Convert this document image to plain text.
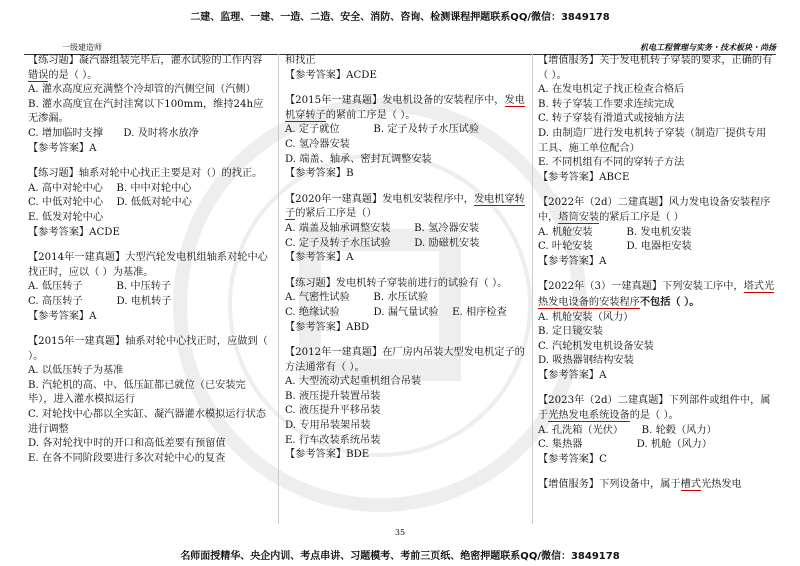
二建、监理、一建、一造、二造、安全、消防、咨询、检测课程押题联系QQ/微信：3849178
一级建造师	机电工程管理与实务・技术板块・尚扬

【练习题】凝汽器组装完毕后，灌水试验的工作内容错误的是（ ）。

A. 灌水高度应充满整个冷却管的汽侧空间（汽侧）

B. 灌水高度宜在汽封洼窝以下100mm，维持24h应无渗漏。

C. 增加临时支撑　　D. 及时将水放净

【参考答案】A

【练习题】轴系对轮中心找正主要是对（）的找正。

A. 高中对轮中心　 B. 中中对轮中心

C. 中低对轮中心　 D. 低低对轮中心

E. 低发对轮中心

【参考答案】ACDE

【2014年一建真题】大型汽轮发电机组轴系对轮中心找正时，应以（ ）为基准。

A. 低压转子　　　 B. 中压转子

C. 高压转子　　　 D. 电机转子

【参考答案】A

【2015年一建真题】轴系对轮中心找正时，应做到（ ）。

A. 以低压转子为基准

B. 汽轮机的高、中、低压缸都已就位（已安装完毕），进入灌水模拟运行

C. 对轮找中心都以全实缸、凝汽器灌水模拟运行状态进行调整

D. 各对轮找中时的开口和高低差要有预留值

E. 在各不同阶段要进行多次对轮中心的复查

和找正

【参考答案】ACDE

【2015年一建真题】发电机设备的安装程序中，发电机穿转子的紧前工序是（ ）。

A. 定子就位　　　 B. 定子及转子水压试验

C. 氢冷器安装

D. 端盖、轴承、密封瓦调整安装

【参考答案】B

【2020年一建真题】发电机安装程序中，发电机穿转子的紧后工序是（）

A. 端盖及轴承调整安装　　 B. 氢冷器安装

C. 定子及转子水压试验　　 D. 励磁机安装

【参考答案】A

【练习题】发电机转子穿装前进行的试验有（ ）。

A. 气密性试验　　 B. 水压试验

C. 绝缘试验　　　 D. 漏气量试验　 E. 相序检查

【参考答案】ABD

【2012年一建真题】在厂房内吊装大型发电机定子的方法通常有（ ）。

A. 大型流动式起重机组合吊装

B. 液压提升装置吊装

C. 液压提升平移吊装

D. 专用吊装架吊装

E. 行车改装系统吊装

【参考答案】BDE

【增值服务】关于发电机转子穿装的要求，正确的有（ ）。

A. 在发电机定子找正检查合格后

B. 转子穿装工作要求连续完成

C. 转子穿装有滑道式或接轴方法

D. 由制造厂进行发电机转子穿装（制造厂提供专用工具、施工单位配合）

E. 不同机组有不同的穿转子方法

【参考答案】ABCE

【2022年（2d）二建真题】风力发电设备安装程序中，塔筒安装的紧后工序是（ ）

A. 机舱安装　　　 B. 发电机安装

C. 叶轮安装　　　 D. 电器柜安装

【参考答案】A

【2022年（3）一建真题】下列安装工序中，塔式光热发电设备的安装程序不包括（ ）。

A. 机舱安装（风力）

B. 定日镜安装

C. 汽轮机发电机设备安装

D. 吸热器钢结构安装

【参考答案】A

【2023年（2d）二建真题】下列部件或组件中，属于光热发电系统设备的是（ ）。

A. 孔洗箱（光伏）　　 B. 轮毂（风力）

C. 集热器　　　　　 D. 机舱（风力）

【参考答案】C

【增值服务】下列设备中，属于槽式光热发电

35
名师面授精华、央企内训、考点串讲、习题模考、考前三页纸、绝密押题联系QQ/微信：3849178
